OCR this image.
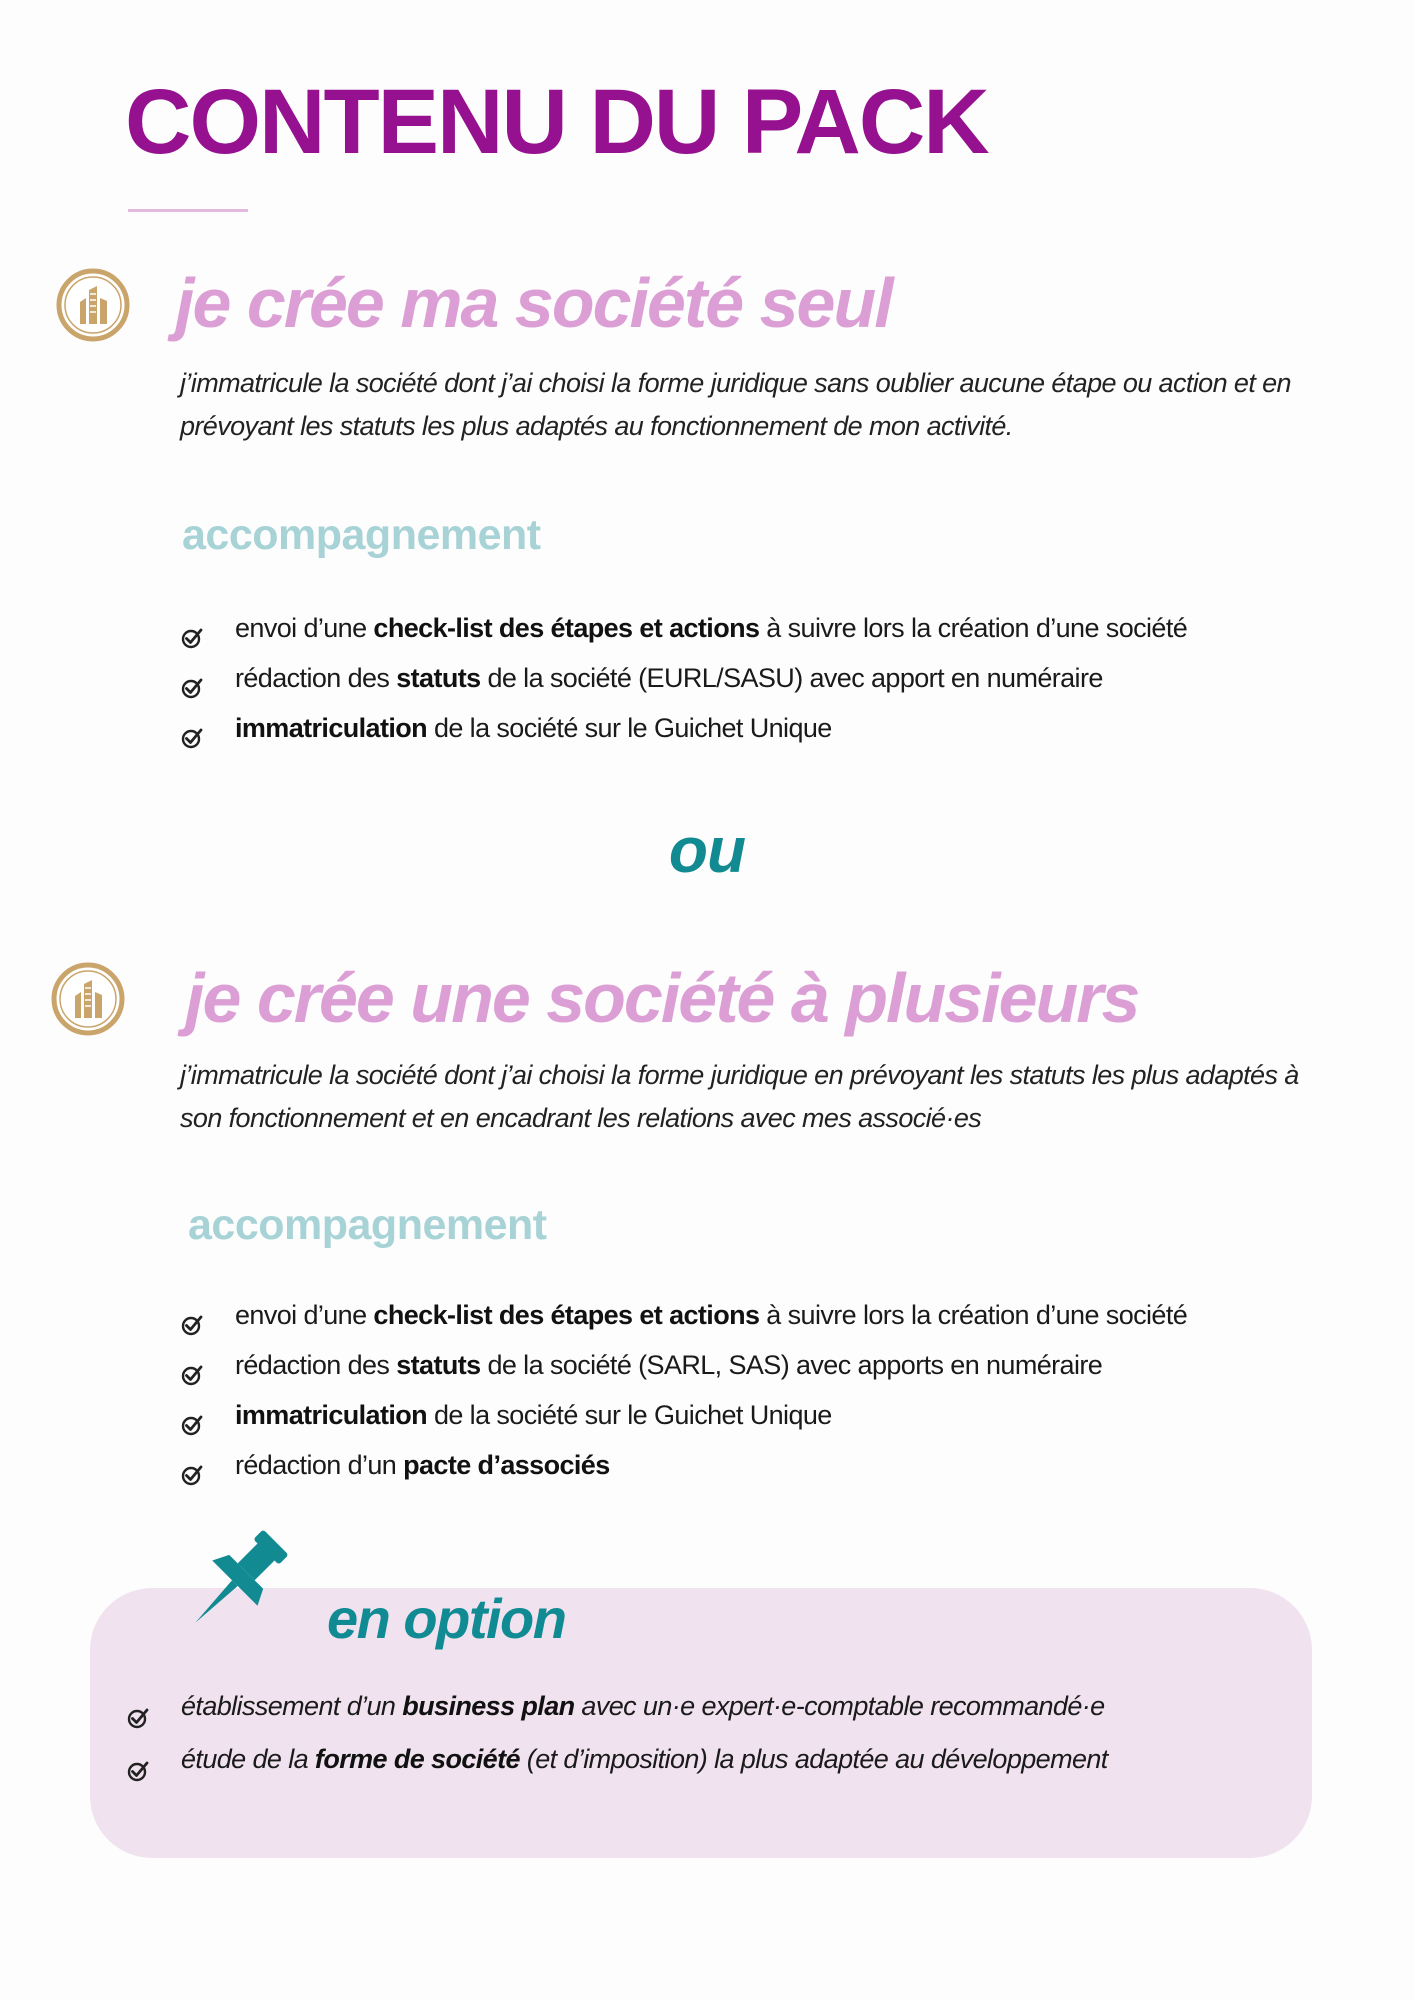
CONTENU DU PACK
je crée ma société seul

j’immatricule la société dont j’ai choisi la forme juridique sans oublier aucune étape ou action et en prévoyant les statuts les plus adaptés au fonctionnement de mon activité.

accompagnement
envoi d’une check-list des étapes et actions à suivre lors la création d’une société
rédaction des statuts de la société (EURL/SASU) avec apport en numéraire
immatriculation de la société sur le Guichet Unique
ou
je crée une société à plusieurs

j’immatricule la société dont j’ai choisi la forme juridique en prévoyant les statuts les plus adaptés à son fonctionnement et en encadrant les relations avec mes associé·es

accompagnement
envoi d’une check-list des étapes et actions à suivre lors la création d’une société
rédaction des statuts de la société (SARL, SAS) avec apports en numéraire
immatriculation de la société sur le Guichet Unique
rédaction d’un pacte d’associés
en option
établissement d’un business plan avec un·e expert·e-comptable recommandé·e
étude de la forme de société (et d’imposition) la plus adaptée au développement
